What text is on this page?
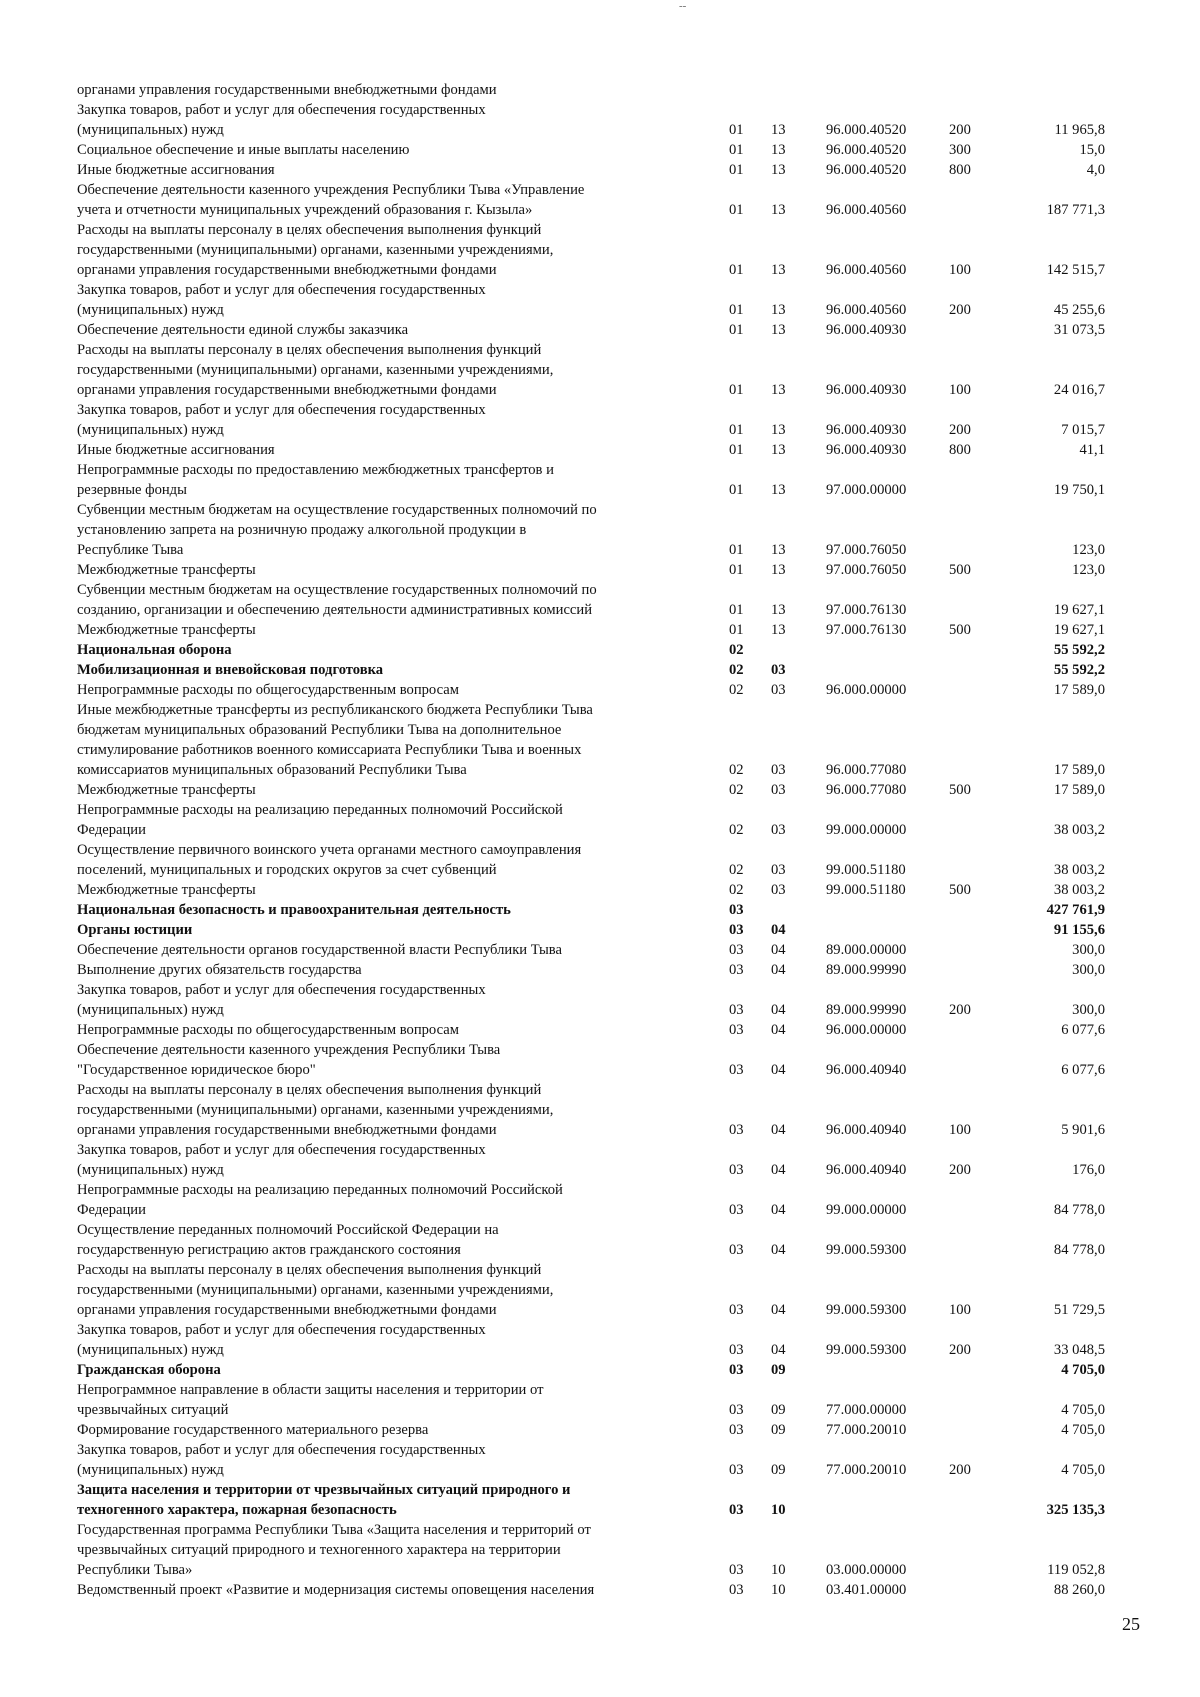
--
органами управления государственными внебюджетными фондами
Закупка товаров, работ и услуг для обеспечения государственных
(муниципальных) нужд	01 13	96.000.40520	200	11 965,8
Социальное обеспечение и иные выплаты населению	01 13	96.000.40520	300	15,0
Иные бюджетные ассигнования	01 13	96.000.40520	800	4,0
Обеспечение деятельности казенного учреждения Республики Тыва «Управление
учета и отчетности муниципальных учреждений образования г. Кызыла»	01 13	96.000.40560	187 771,3
Расходы на выплаты персоналу в целях обеспечения выполнения функций
государственными (муниципальными) органами, казенными учреждениями,
органами управления государственными внебюджетными фондами	01 13	96.000.40560	100	142 515,7
Закупка товаров, работ и услуг для обеспечения государственных
(муниципальных) нужд	01 13	96.000.40560	200	45 255,6
Обеспечение деятельности единой службы заказчика	01 13	96.000.40930	31 073,5
Расходы на выплаты персоналу в целях обеспечения выполнения функций
государственными (муниципальными) органами, казенными учреждениями,
органами управления государственными внебюджетными фондами	01 13	96.000.40930	100	24 016,7
Закупка товаров, работ и услуг для обеспечения государственных
(муниципальных) нужд	01 13	96.000.40930	200	7 015,7
Иные бюджетные ассигнования	01 13	96.000.40930	800	41,1
Непрограммные расходы по предоставлению межбюджетных трансфертов и
резервные фонды	01 13	97.000.00000	19 750,1
Субвенции местным бюджетам на осуществление государственных полномочий по
установлению запрета на розничную продажу алкогольной продукции в
Республике Тыва	01 13	97.000.76050	123,0
Межбюджетные трансферты	01 13	97.000.76050	500	123,0
Субвенции местным бюджетам на осуществление государственных полномочий по
созданию, организации и обеспечению деятельности административных комиссий	01 13	97.000.76130	19 627,1
Межбюджетные трансферты	01 13	97.000.76130	500	19 627,1
Национальная оборона	02	55 592,2
Мобилизационная и вневойсковая подготовка	02 03	55 592,2
Непрограммные расходы по общегосударственным вопросам	02 03	96.000.00000	17 589,0
Иные межбюджетные трансферты из республиканского бюджета Республики Тыва
бюджетам муниципальных образований Республики Тыва на дополнительное
стимулирование работников военного комиссариата Республики Тыва и военных
комиссариатов муниципальных образований Республики Тыва	02 03	96.000.77080	17 589,0
Межбюджетные трансферты	02 03	96.000.77080	500	17 589,0
Непрограммные расходы на реализацию переданных полномочий Российской
Федерации	02 03	99.000.00000	38 003,2
Осуществление первичного воинского учета органами местного самоуправления
поселений, муниципальных и городских округов за счет субвенций	02 03	99.000.51180	38 003,2
Межбюджетные трансферты	02 03	99.000.51180	500	38 003,2
Национальная безопасность и правоохранительная деятельность	03	427 761,9
Органы юстиции	03 04	91 155,6
Обеспечение деятельности органов государственной власти Республики Тыва	03 04	89.000.00000	300,0
Выполнение других обязательств государства	03 04	89.000.99990	300,0
Закупка товаров, работ и услуг для обеспечения государственных
(муниципальных) нужд	03 04	89.000.99990	200	300,0
Непрограммные расходы по общегосударственным вопросам	03 04	96.000.00000	6 077,6
Обеспечение деятельности казенного учреждения Республики Тыва
"Государственное юридическое бюро"	03 04	96.000.40940	6 077,6
Расходы на выплаты персоналу в целях обеспечения выполнения функций
государственными (муниципальными) органами, казенными учреждениями,
органами управления государственными внебюджетными фондами	03 04	96.000.40940	100	5 901,6
Закупка товаров, работ и услуг для обеспечения государственных
(муниципальных) нужд	03 04	96.000.40940	200	176,0
Непрограммные расходы на реализацию переданных полномочий Российской
Федерации	03 04	99.000.00000	84 778,0
Осуществление переданных полномочий Российской Федерации на
государственную регистрацию актов гражданского состояния	03 04	99.000.59300	84 778,0
Расходы на выплаты персоналу в целях обеспечения выполнения функций
государственными (муниципальными) органами, казенными учреждениями,
органами управления государственными внебюджетными фондами	03 04	99.000.59300	100	51 729,5
Закупка товаров, работ и услуг для обеспечения государственных
(муниципальных) нужд	03 04	99.000.59300	200	33 048,5
Гражданская оборона	03 09	4 705,0
Непрограммное направление в области защиты населения и территории от
чрезвычайных ситуаций	03 09	77.000.00000	4 705,0
Формирование государственного материального резерва	03 09	77.000.20010	4 705,0
Закупка товаров, работ и услуг для обеспечения государственных
(муниципальных) нужд	03 09	77.000.20010	200	4 705,0
Защита населения и территории от чрезвычайных ситуаций природного и
техногенного характера, пожарная безопасность	03 10	325 135,3
Государственная программа Республики Тыва «Защита населения и территорий от
чрезвычайных ситуаций природного и техногенного характера на территории
Республики Тыва»	03 10	03.000.00000	119 052,8
Ведомственный проект «Развитие и модернизация системы оповещения населения	03 10	03.401.00000	88 260,0
25
